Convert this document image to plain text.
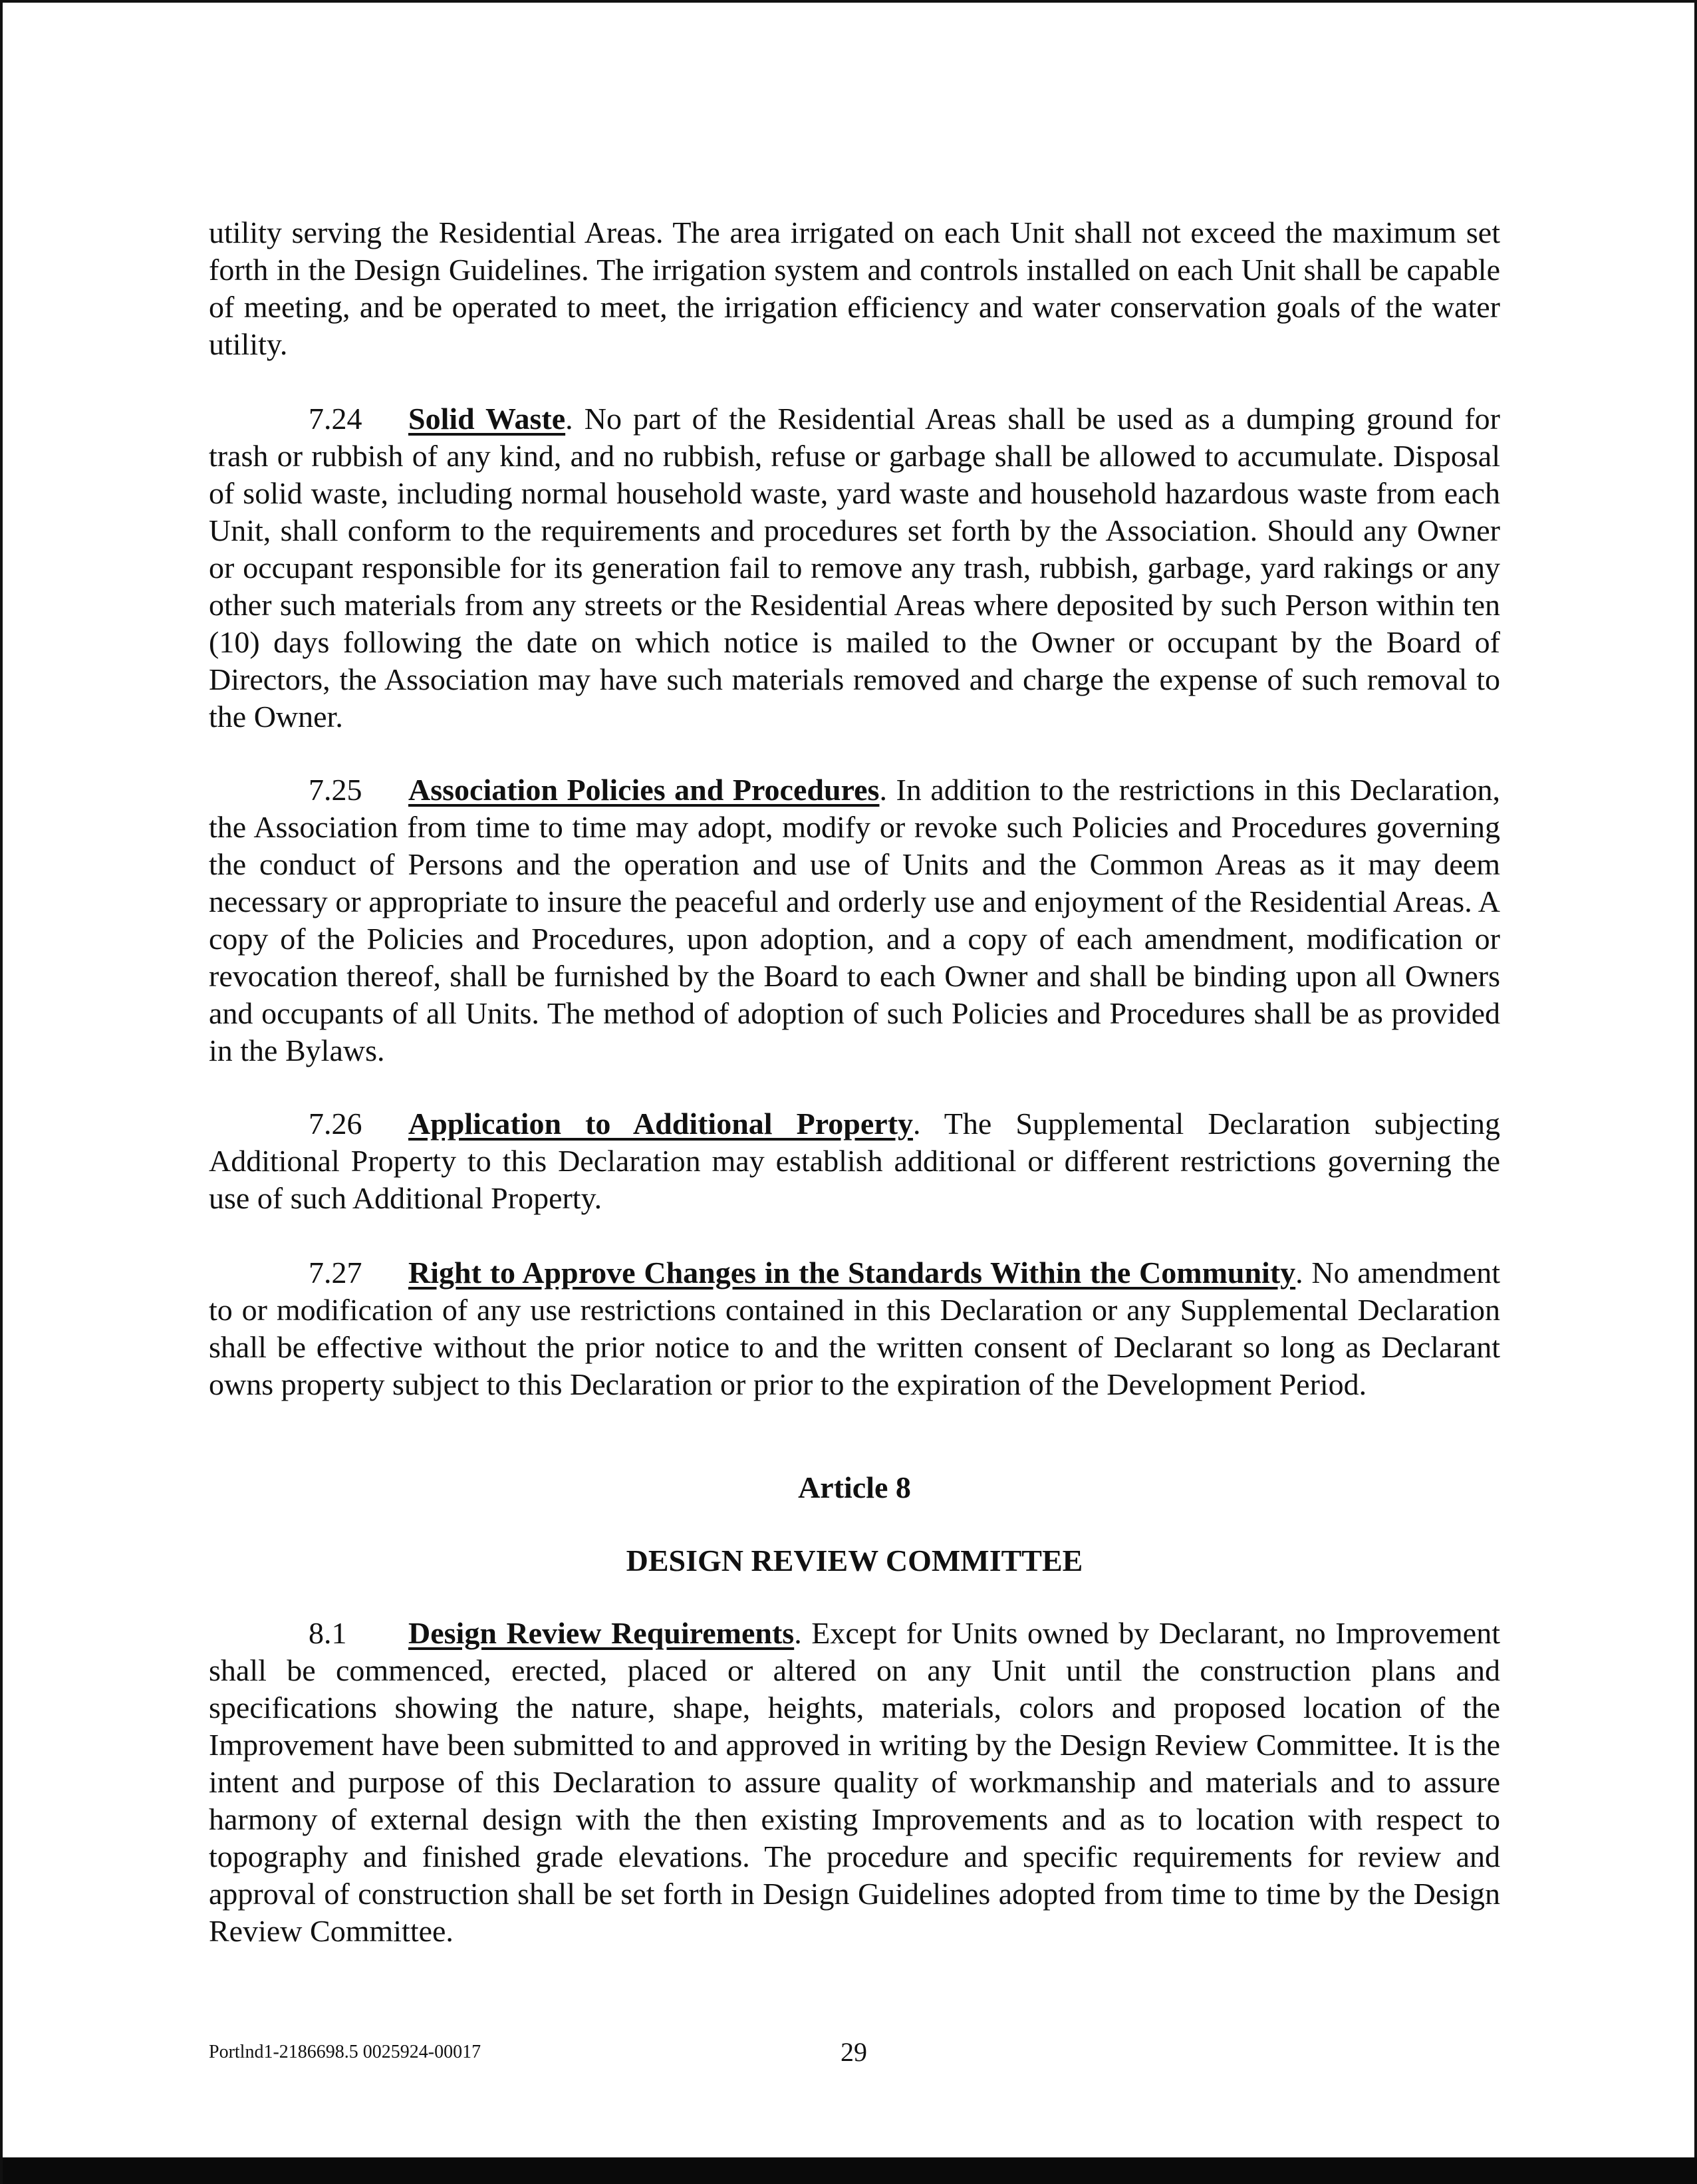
utility serving the Residential Areas. The area irrigated on each Unit shall not exceed the maximum set forth in the Design Guidelines. The irrigation system and controls installed on each Unit shall be capable of meeting, and be operated to meet, the irrigation efficiency and water conservation goals of the water utility.

7.24 Solid Waste. No part of the Residential Areas shall be used as a dumping ground for trash or rubbish of any kind, and no rubbish, refuse or garbage shall be allowed to accumulate. Disposal of solid waste, including normal household waste, yard waste and household hazardous waste from each Unit, shall conform to the requirements and procedures set forth by the Association. Should any Owner or occupant responsible for its generation fail to remove any trash, rubbish, garbage, yard rakings or any other such materials from any streets or the Residential Areas where deposited by such Person within ten (10) days following the date on which notice is mailed to the Owner or occupant by the Board of Directors, the Association may have such materials removed and charge the expense of such removal to the Owner.

7.25 Association Policies and Procedures. In addition to the restrictions in this Declaration, the Association from time to time may adopt, modify or revoke such Policies and Procedures governing the conduct of Persons and the operation and use of Units and the Common Areas as it may deem necessary or appropriate to insure the peaceful and orderly use and enjoyment of the Residential Areas. A copy of the Policies and Procedures, upon adoption, and a copy of each amendment, modification or revocation thereof, shall be furnished by the Board to each Owner and shall be binding upon all Owners and occupants of all Units. The method of adoption of such Policies and Procedures shall be as provided in the Bylaws.

7.26 Application to Additional Property. The Supplemental Declaration subjecting Additional Property to this Declaration may establish additional or different restrictions governing the use of such Additional Property.

7.27 Right to Approve Changes in the Standards Within the Community. No amendment to or modification of any use restrictions contained in this Declaration or any Supplemental Declaration shall be effective without the prior notice to and the written consent of Declarant so long as Declarant owns property subject to this Declaration or prior to the expiration of the Development Period.

Article 8

DESIGN REVIEW COMMITTEE

8.1 Design Review Requirements. Except for Units owned by Declarant, no Improvement shall be commenced, erected, placed or altered on any Unit until the construction plans and specifications showing the nature, shape, heights, materials, colors and proposed location of the Improvement have been submitted to and approved in writing by the Design Review Committee. It is the intent and purpose of this Declaration to assure quality of workmanship and materials and to assure harmony of external design with the then existing Improvements and as to location with respect to topography and finished grade elevations. The procedure and specific requirements for review and approval of construction shall be set forth in Design Guidelines adopted from time to time by the Design Review Committee.

Portlnd1-2186698.5 0025924-00017	29
